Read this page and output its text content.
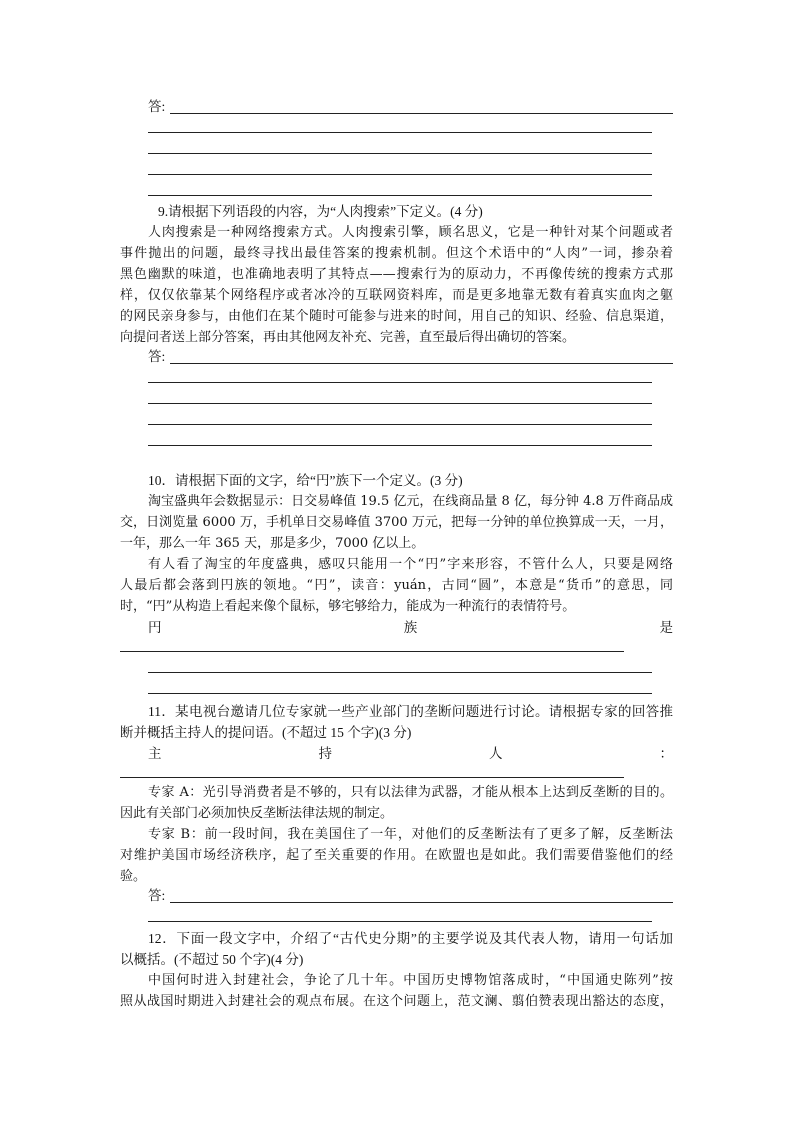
答:
9.请根据下列语段的内容，为“人肉搜索”下定义。(4 分)
人肉搜索是一种网络搜索方式。人肉搜索引擎，顾名思义，它是一种针对某个问题或者
事件抛出的问题，最终寻找出最佳答案的搜索机制。但这个术语中的“人肉”一词，掺杂着
黑色幽默的味道，也准确地表明了其特点——搜索行为的原动力，不再像传统的搜索方式那
样，仅仅依靠某个网络程序或者冰冷的互联网资料库，而是更多地靠无数有着真实血肉之躯
的网民亲身参与，由他们在某个随时可能参与进来的时间，用自己的知识、经验、信息渠道，
向提问者送上部分答案，再由其他网友补充、完善，直至最后得出确切的答案。
答:
10．请根据下面的文字，给“円”族下一个定义。(3 分)
淘宝盛典年会数据显示：日交易峰值 19.5 亿元，在线商品量 8 亿，每分钟 4.8 万件商品成
交，日浏览量 6000 万，手机单日交易峰值 3700 万元，把每一分钟的单位换算成一天，一月，
一年，那么一年 365 天，那是多少，7000 亿以上。
有人看了淘宝的年度盛典，感叹只能用一个“円”字来形容，不管什么人，只要是网络
人最后都会落到円族的领地。“円”，读音：yuán，古同“圆”，本意是“货币”的意思，同
时，“円”从构造上看起来像个鼠标，够宅够给力，能成为一种流行的表情符号。
円族是
11．某电视台邀请几位专家就一些产业部门的垄断问题进行讨论。请根据专家的回答推
断并概括主持人的提问语。(不超过 15 个字)(3 分)
主持人：
专家 A：光引导消费者是不够的，只有以法律为武器，才能从根本上达到反垄断的目的。
因此有关部门必须加快反垄断法律法规的制定。
专家 B：前一段时间，我在美国住了一年，对他们的反垄断法有了更多了解，反垄断法
对维护美国市场经济秩序，起了至关重要的作用。在欧盟也是如此。我们需要借鉴他们的经
验。
答:
12．下面一段文字中，介绍了“古代史分期”的主要学说及其代表人物，请用一句话加
以概括。(不超过 50 个字)(4 分)
中国何时进入封建社会，争论了几十年。中国历史博物馆落成时，“中国通史陈列”按
照从战国时期进入封建社会的观点布展。在这个问题上，范文澜、翦伯赞表现出豁达的态度，
